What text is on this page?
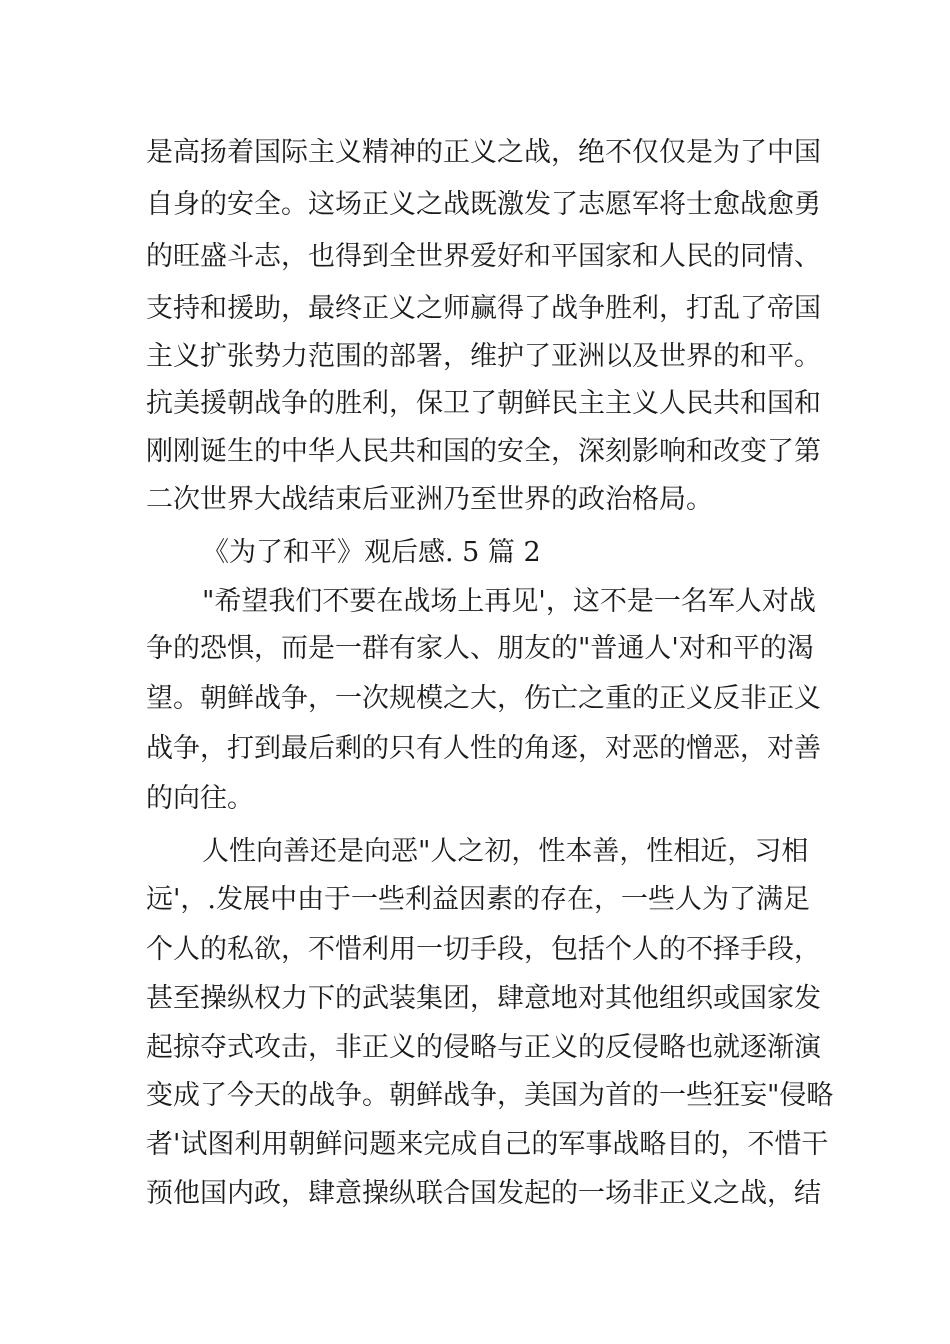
是高扬着国际主义精神的正义之战，绝不仅仅是为了中国
自身的安全。这场正义之战既激发了志愿军将士愈战愈勇
的旺盛斗志，也得到全世界爱好和平国家和人民的同情、
支持和援助，最终正义之师赢得了战争胜利，打乱了帝国
主义扩张势力范围的部署，维护了亚洲以及世界的和平。
抗美援朝战争的胜利，保卫了朝鲜民主主义人民共和国和
刚刚诞生的中华人民共和国的安全，深刻影响和改变了第
二次世界大战结束后亚洲乃至世界的政治格局。
《为了和平》观后感. 5 篇 2
"希望我们不要在战场上再见'，这不是一名军人对战
争的恐惧，而是一群有家人、朋友的"普通人'对和平的渴
望。朝鲜战争，一次规模之大，伤亡之重的正义反非正义
战争，打到最后剩的只有人性的角逐，对恶的憎恶，对善
的向往。
人性向善还是向恶"人之初，性本善，性相近，习相
远'，.发展中由于一些利益因素的存在，一些人为了满足
个人的私欲，不惜利用一切手段，包括个人的不择手段，
甚至操纵权力下的武装集团，肆意地对其他组织或国家发
起掠夺式攻击，非正义的侵略与正义的反侵略也就逐渐演
变成了今天的战争。朝鲜战争，美国为首的一些狂妄"侵略
者'试图利用朝鲜问题来完成自己的军事战略目的，不惜干
预他国内政，肆意操纵联合国发起的一场非正义之战，结
